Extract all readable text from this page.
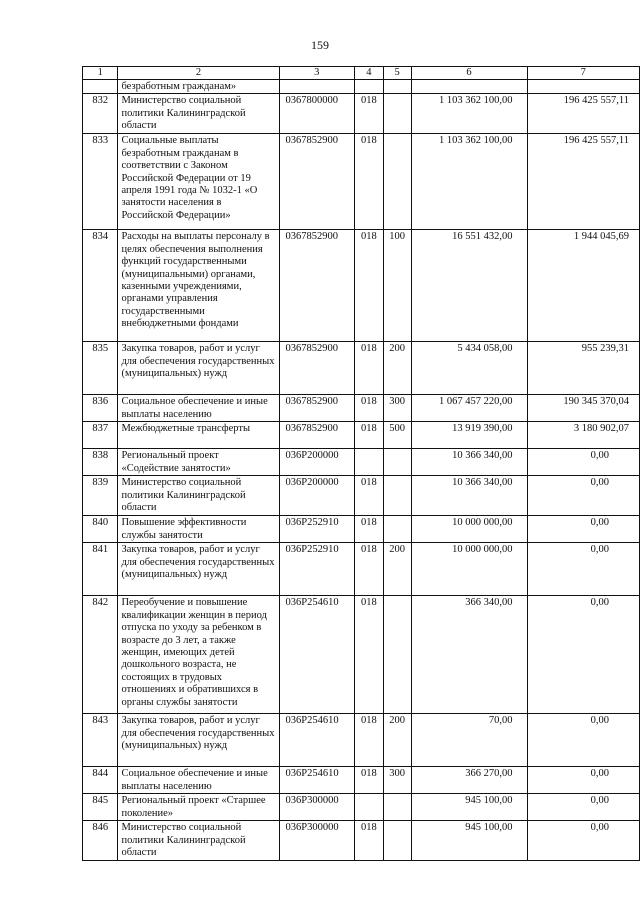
159
1	2	3	4	5	6	7
	безработным гражданам»					
832	Министерство социальной политики Калининградской области	0367800000	018		1 103 362 100,00	196 425 557,11
833	Социальные выплаты безработным гражданам в соответствии с Законом Российской Федерации от 19 апреля 1991 года № 1032-1 «О занятости населения в Российской Федерации»	0367852900	018		1 103 362 100,00	196 425 557,11
834	Расходы на выплаты персоналу в целях обеспечения выполнения функций государственными (муниципальными) органами, казенными учреждениями, органами управления государственными внебюджетными фондами	0367852900	018	100	16 551 432,00	1 944 045,69
835	Закупка товаров, работ и услуг для обеспечения государственных (муниципальных) нужд	0367852900	018	200	5 434 058,00	955 239,31
836	Социальное обеспечение и иные выплаты населению	0367852900	018	300	1 067 457 220,00	190 345 370,04
837	Межбюджетные трансферты	0367852900	018	500	13 919 390,00	3 180 902,07
838	Региональный проект «Содействие занятости»	036P200000			10 366 340,00	0,00
839	Министерство социальной политики Калининградской области	036P200000	018		10 366 340,00	0,00
840	Повышение эффективности службы занятости	036P252910	018		10 000 000,00	0,00
841	Закупка товаров, работ и услуг для обеспечения государственных (муниципальных) нужд	036P252910	018	200	10 000 000,00	0,00
842	Переобучение и повышение квалификации женщин в период отпуска по уходу за ребенком в возрасте до 3 лет, а также женщин, имеющих детей дошкольного возраста, не состоящих в трудовых отношениях и обратившихся в органы службы занятости	036P254610	018		366 340,00	0,00
843	Закупка товаров, работ и услуг для обеспечения государственных (муниципальных) нужд	036P254610	018	200	70,00	0,00
844	Социальное обеспечение и иные выплаты населению	036P254610	018	300	366 270,00	0,00
845	Региональный проект «Старшее поколение»	036P300000			945 100,00	0,00
846	Министерство социальной политики Калининградской области	036P300000	018		945 100,00	0,00
